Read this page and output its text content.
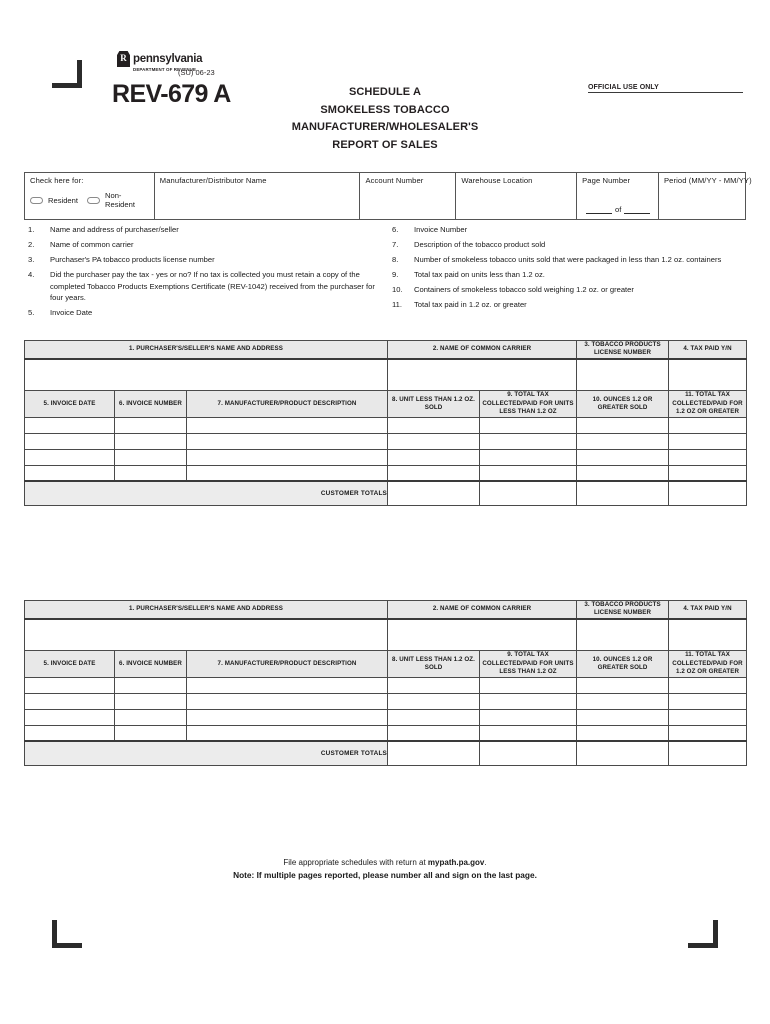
R
pennsylvania
DEPARTMENT OF REVENUE
(SU) 06-23
REV-679 A	SCHEDULE A
SMOKELESS TOBACCO
MANUFACTURER/WHOLESALER'S
REPORT OF SALES
OFFICIAL USE ONLY
Check here for:
Resident	Non-Resident
Manufacturer/Distributor Name	Account Number	Warehouse Location	Page Number
of
Period (MM/YY - MM/YY)
1.	Name and address of purchaser/seller
2.	Name of common carrier
3.	Purchaser's PA tobacco products license number
4.	Did the purchaser pay the tax - yes or no? If no tax is collected you must retain a copy of the completed Tobacco Products Exemptions Certificate (REV-1042) received from the purchaser for four years.
5.	Invoice Date
6.	Invoice Number
7.	Description of the tobacco product sold
8.	Number of smokeless tobacco units sold that were packaged in less than 1.2 oz. containers
9.	Total tax paid on units less than 1.2 oz.
10.	Containers of smokeless tobacco sold weighing 1.2 oz. or greater
11.	Total tax paid in 1.2 oz. or greater
1. PURCHASER'S/SELLER'S NAME AND ADDRESS			2. NAME OF COMMON CARRIER		3. TOBACCO PRODUCTS LICENSE NUMBER	4. TAX PAID Y/N

5. INVOICE DATE	6. INVOICE NUMBER	7. MANUFACTURER/PRODUCT DESCRIPTION	8. UNIT LESS THAN 1.2 OZ. SOLD	9. TOTAL TAX COLLECTED/PAID FOR UNITS LESS THAN 1.2 OZ	10. OUNCES 1.2 OR GREATER SOLD	11. TOTAL TAX COLLECTED/PAID FOR 1.2 OZ OR GREATER

CUSTOMER TOTALS						
1. PURCHASER'S/SELLER'S NAME AND ADDRESS			2. NAME OF COMMON CARRIER		3. TOBACCO PRODUCTS LICENSE NUMBER	4. TAX PAID Y/N

5. INVOICE DATE	6. INVOICE NUMBER	7. MANUFACTURER/PRODUCT DESCRIPTION	8. UNIT LESS THAN 1.2 OZ. SOLD	9. TOTAL TAX COLLECTED/PAID FOR UNITS LESS THAN 1.2 OZ	10. OUNCES 1.2 OR GREATER SOLD	11. TOTAL TAX COLLECTED/PAID FOR 1.2 OZ OR GREATER

CUSTOMER TOTALS						
File appropriate schedules with return at mypath.pa.gov.
Note: If multiple pages reported, please number all and sign on the last page.
